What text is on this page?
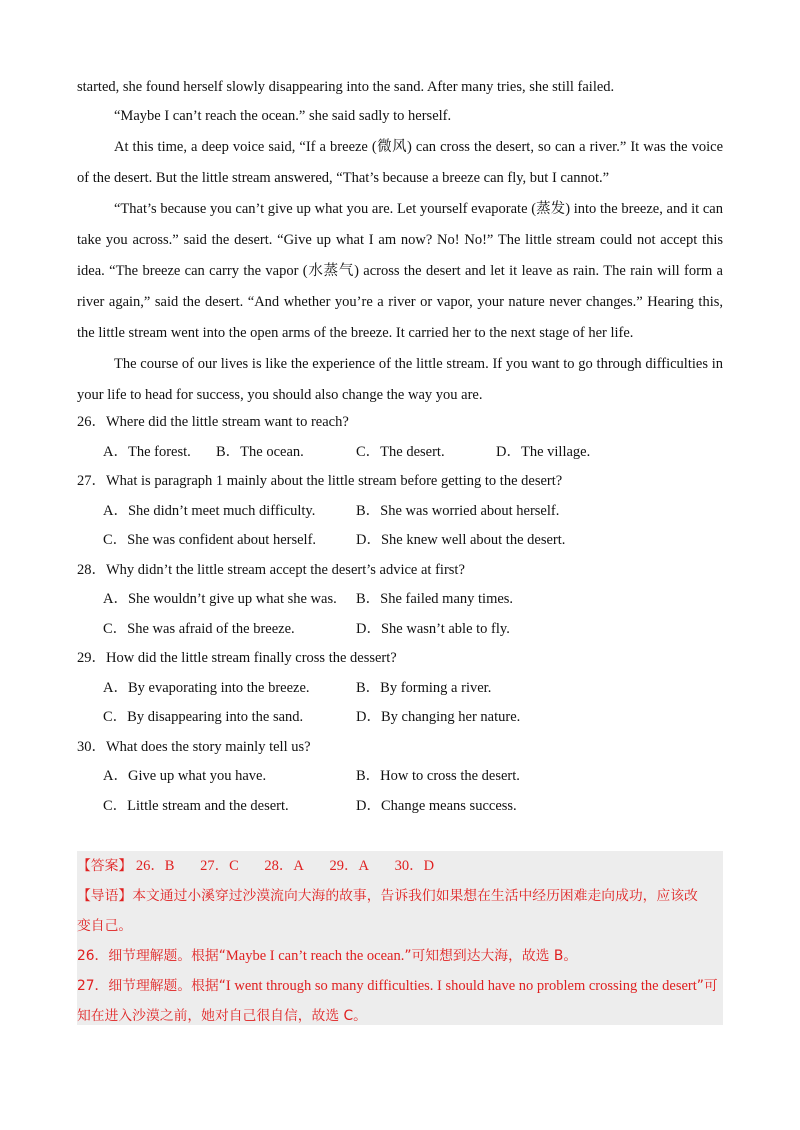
started, she found herself slowly disappearing into the sand. After many tries, she still failed.

“Maybe I can’t reach the ocean.” she said sadly to herself.

At this time, a deep voice said, “If a breeze (微风) can cross the desert, so can a river.” It was the voice of the desert. But the little stream answered, “That’s because a breeze can fly, but I cannot.”

“That’s because you can’t give up what you are. Let yourself evaporate (蒸发) into the breeze, and it can take you across.” said the desert. “Give up what I am now? No! No!” The little stream could not accept this idea. “The breeze can carry the vapor (水蒸气) across the desert and let it leave as rain. The rain will form a river again,” said the desert. “And whether you’re a river or vapor, your nature never changes.” Hearing this, the little stream went into the open arms of the breeze. It carried her to the next stage of her life.

The course of our lives is like the experience of the little stream. If you want to go through difficulties in your life to head for success, you should also change the way you are.

26．Where did the little stream want to reach?
A．The forest. B．The ocean.	C．The desert.	D．The village.
27．What is paragraph 1 mainly about the little stream before getting to the desert?
A．She didn’t meet much difficulty.	B．She was worried about herself.
C．She was confident about herself.	D．She knew well about the desert.
28．Why didn’t the little stream accept the desert’s advice at first?
A．She wouldn’t give up what she was. B．She failed many times.
C．She was afraid of the breeze.	D．She wasn’t able to fly.
29．How did the little stream finally cross the dessert?
A．By evaporating into the breeze.	B．By forming a river.
C．By disappearing into the sand.	D．By changing her nature.
30．What does the story mainly tell us?
A．Give up what you have.	B．How to cross the desert.
C．Little stream and the desert.	D．Change means success.
【答案】 26．B 27．C 28．A 29．A 30．D
【导语】本文通过小溪穿过沙漠流向大海的故事，告诉我们如果想在生活中经历困难走向成功，应该改
变自己。
26．细节理解题。根据“Maybe I can’t reach the ocean.”可知想到达大海，故选 B。
27．细节理解题。根据“I went through so many difficulties. I should have no problem crossing the desert”可
知在进入沙漠之前，她对自己很自信，故选 C。
